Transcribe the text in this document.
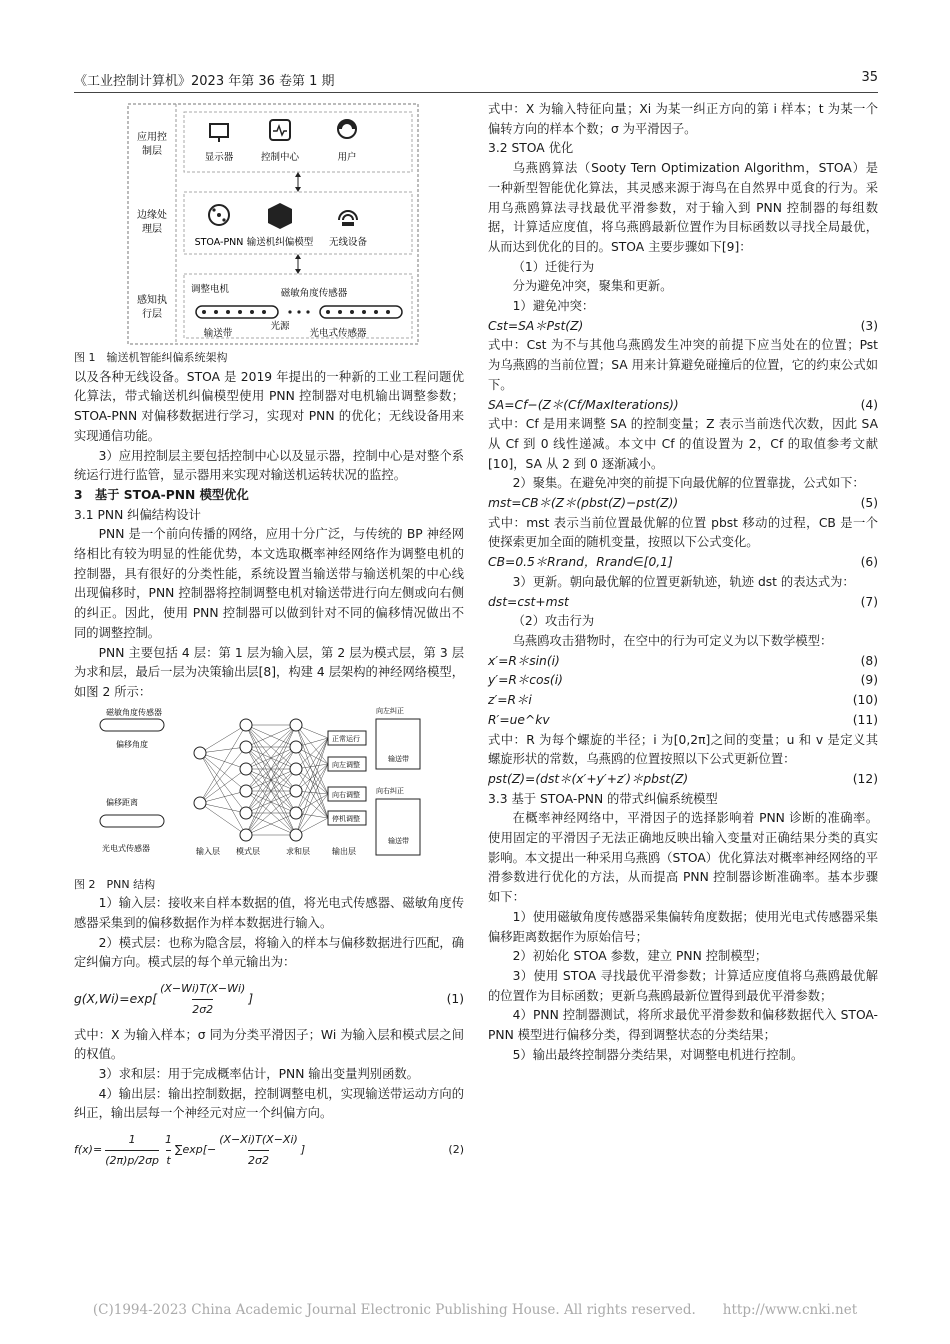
《工业控制计算机》2023 年第 36 卷第 1 期	35
应用控
制层
边缘处
理层
感知执
行层
显示器	控制中心	用户
STOA-PNN 输送机纠偏模型 无线设备
调整电机	磁敏角度传感器
光源
输送带	光电式传感器

图 1　输送机智能纠偏系统架构

以及各种无线设备。STOA 是 2019 年提出的一种新的工业工程问题优化算法，带式输送机纠偏模型使用 PNN 控制器对电机输出调整参数；STOA-PNN 对偏移数据进行学习，实现对 PNN 的优化；无线设备用来实现通信功能。

3）应用控制层主要包括控制中心以及显示器，控制中心是对整个系统运行进行监管，显示器用来实现对输送机运转状况的监控。

3　基于 STOA-PNN 模型优化

3.1 PNN 纠偏结构设计

PNN 是一个前向传播的网络，应用十分广泛，与传统的 BP 神经网络相比有较为明显的性能优势，本文选取概率神经网络作为调整电机的控制器，具有很好的分类性能，系统设置当输送带与输送机架的中心线出现偏移时，PNN 控制器将控制调整电机对输送带进行向左侧或向右侧的纠正。因此，使用 PNN 控制器可以做到针对不同的偏移情况做出不同的调整控制。

PNN 主要包括 4 层：第 1 层为输入层，第 2 层为模式层，第 3 层为求和层，最后一层为决策输出层[8]，构建 4 层架构的神经网络模型，如图 2 所示：

磁敏角度传感器
偏移角度
偏移距离
光电式传感器	输入层 模式层	求和层	输出层
正常运行
向左调整
向右调整
停机调整
向左纠正
输送带
向右纠正
输送带

图 2　PNN 结构

1）输入层：接收来自样本数据的值，将光电式传感器、磁敏角度传感器采集到的偏移数据作为样本数据进行输入。

2）模式层：也称为隐含层，将输入的样本与偏移数据进行匹配，确定纠偏方向。模式层的每个单元输出为：

g(X,Wi)=exp[
(X−Wi)T(X−Wi)
2σ2
]	(1)

式中：X 为输入样本；σ 同为分类平滑因子；Wi 为输入层和模式层之间的权值。

3）求和层：用于完成概率估计，PNN 输出变量判别函数。

4）输出层：输出控制数据，控制调整电机，实现输送带运动方向的纠正，输出层每一个神经元对应一个纠偏方向。

$f(x)= \frac{1}{(2\pi)p/2\sigma p} 1$
t
$\sum\exp[- \frac{(X-Xi)T(X-Xi)}{2\sigma 2}$ ]	(2)

式中：X 为输入特征向量；Xi 为某一纠正方向的第 i 样本；t 为某一个偏转方向的样本个数；σ 为平滑因子。

3.2 STOA 优化

乌燕鸥算法（Sooty Tern Optimization Algorithm，STOA）是一种新型智能优化算法，其灵感来源于海鸟在自然界中觅食的行为。采用乌燕鸥算法寻找最优平滑参数，对于输入到 PNN 控制器的每组数据，计算适应度值，将乌燕鸥最新位置作为目标函数以寻找全局最优，从而达到优化的目的。STOA 主要步骤如下[9]：

（1）迁徙行为

分为避免冲突，聚集和更新。

1）避免冲突：

Cst=SA＊Pst(Z)	(3)

式中：Cst 为不与其他乌燕鸥发生冲突的前提下应当处在的位置；Pst 为乌燕鸥的当前位置；SA 用来计算避免碰撞后的位置，它的约束公式如下。

SA=Cf−(Z＊(Cf/MaxIterations))	(4)

式中：Cf 是用来调整 SA 的控制变量；Z 表示当前迭代次数，因此 SA 从 Cf 到 0 线性递减。本文中 Cf 的值设置为 2，Cf 的取值参考文献[10]，SA 从 2 到 0 逐渐减小。

2）聚集。在避免冲突的前提下向最优解的位置靠拢，公式如下：

mst=CB＊(Z＊(pbst(Z)−pst(Z))	(5)

式中：mst 表示当前位置最优解的位置 pbst 移动的过程，CB 是一个使探索更加全面的随机变量，按照以下公式变化。

CB=0.5＊Rrand，Rrand∈[0,1]	(6)

3）更新。朝向最优解的位置更新轨迹，轨迹 dst 的表达式为：

dst=cst+mst	(7)

（2）攻击行为

乌燕鸥攻击猎物时，在空中的行为可定义为以下数学模型：

x′=R＊sin(i)	(8)

y′=R＊cos(i)	(9)

z′=R＊i	(10)

R′=ue^kv	(11)

式中：R 为每个螺旋的半径；i 为[0,2π]之间的变量；u 和 v 是定义其螺旋形状的常数，乌燕鸥的位置按照以下公式更新位置：

pst(Z)=(dst＊(x′+y′+z′)＊pbst(Z)	(12)

3.3 基于 STOA-PNN 的带式纠偏系统模型

在概率神经网络中，平滑因子的选择影响着 PNN 诊断的准确率。使用固定的平滑因子无法正确地反映出输入变量对正确结果分类的真实影响。本文提出一种采用乌燕鸥（STOA）优化算法对概率神经网络的平滑参数进行优化的方法，从而提高 PNN 控制器诊断准确率。基本步骤如下：

1）使用磁敏角度传感器采集偏转角度数据；使用光电式传感器采集偏移距离数据作为原始信号；

2）初始化 STOA 参数，建立 PNN 控制模型；

3）使用 STOA 寻找最优平滑参数；计算适应度值将乌燕鸥最优解的位置作为目标函数；更新乌燕鸥最新位置得到最优平滑参数；

4）PNN 控制器测试，将所求最优平滑参数和偏移数据代入 STOA-PNN 模型进行偏移分类，得到调整状态的分类结果；

5）输出最终控制器分类结果，对调整电机进行控制。

(C)1994-2023 China Academic Journal Electronic Publishing House. All rights reserved.　　http://www.cnki.net
